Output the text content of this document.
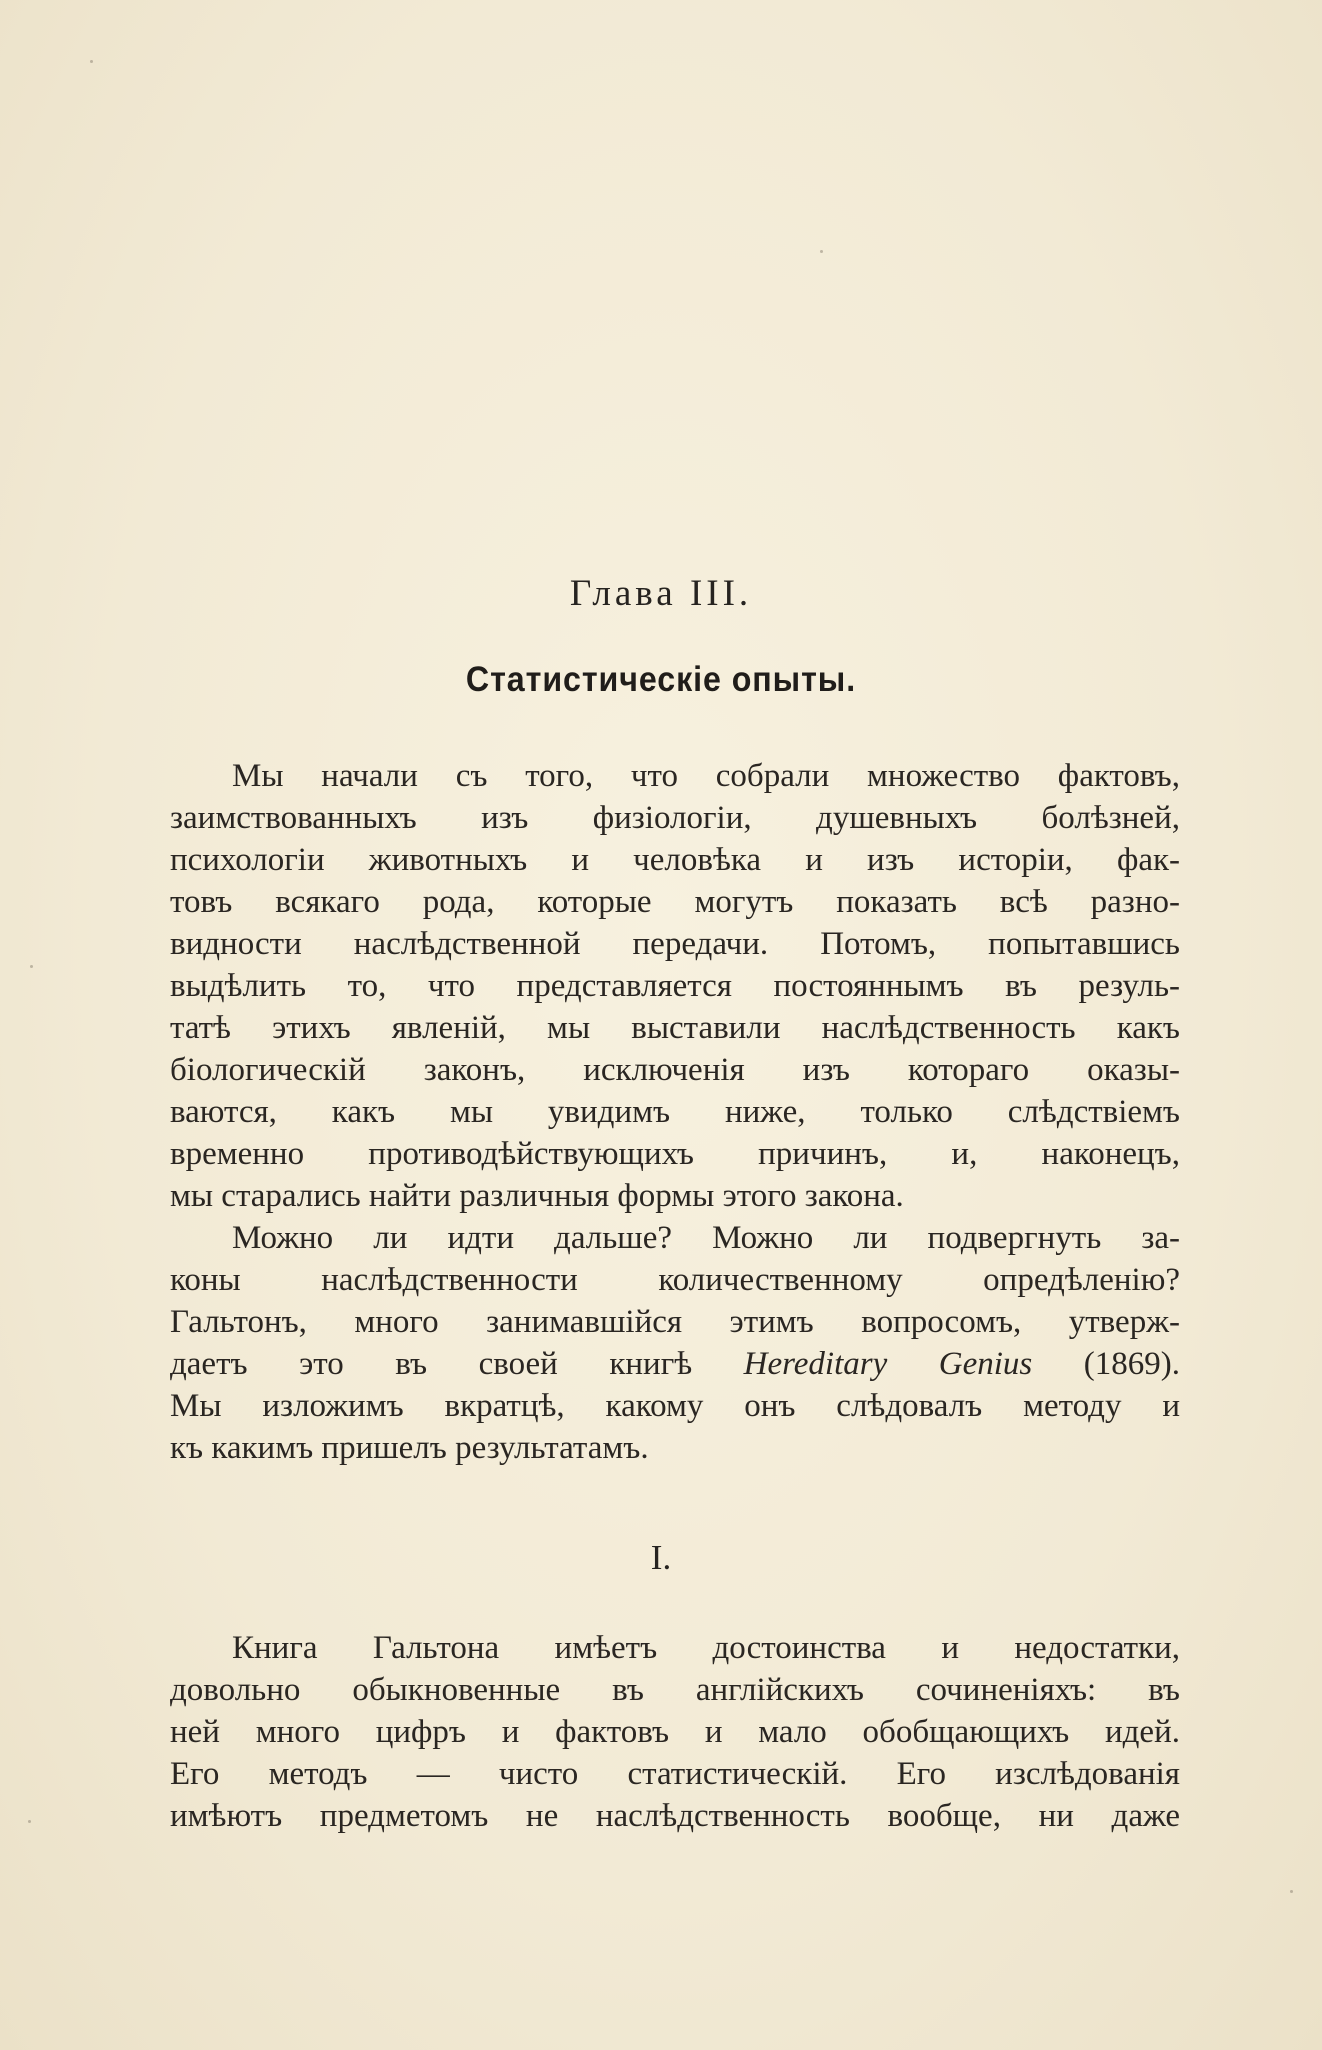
Глава III.
Статистическіе опыты.
Мы начали съ того, что собрали множество фактовъ,
заимствованныхъ изъ физіологіи, душевныхъ болѣзней,
психологіи животныхъ и человѣка и изъ исторіи, фак-
товъ всякаго рода, которые могутъ показать всѣ разно-
видности наслѣдственной передачи. Потомъ, попытавшись
выдѣлить то, что представляется постояннымъ въ резуль-
татѣ этихъ явленій, мы выставили наслѣдственность какъ
біологическій законъ, исключенія изъ котораго оказы-
ваются, какъ мы увидимъ ниже, только слѣдствіемъ
временно противодѣйствующихъ причинъ, и, наконецъ,
мы старались найти различныя формы этого закона.
Можно ли идти дальше? Можно ли подвергнуть за-
коны наслѣдственности количественному опредѣленію?
Гальтонъ, много занимавшійся этимъ вопросомъ, утверж-
даетъ это въ своей книгѣ Hereditary Genius (1869).
Мы изложимъ вкратцѣ, какому онъ слѣдовалъ методу и
къ какимъ пришелъ результатамъ.
I.
Книга Гальтона имѣетъ достоинства и недостатки,
довольно обыкновенные въ англійскихъ сочиненіяхъ: въ
ней много цифръ и фактовъ и мало обобщающихъ идей.
Его методъ — чисто статистическій. Его изслѣдованія
имѣютъ предметомъ не наслѣдственность вообще, ни даже
